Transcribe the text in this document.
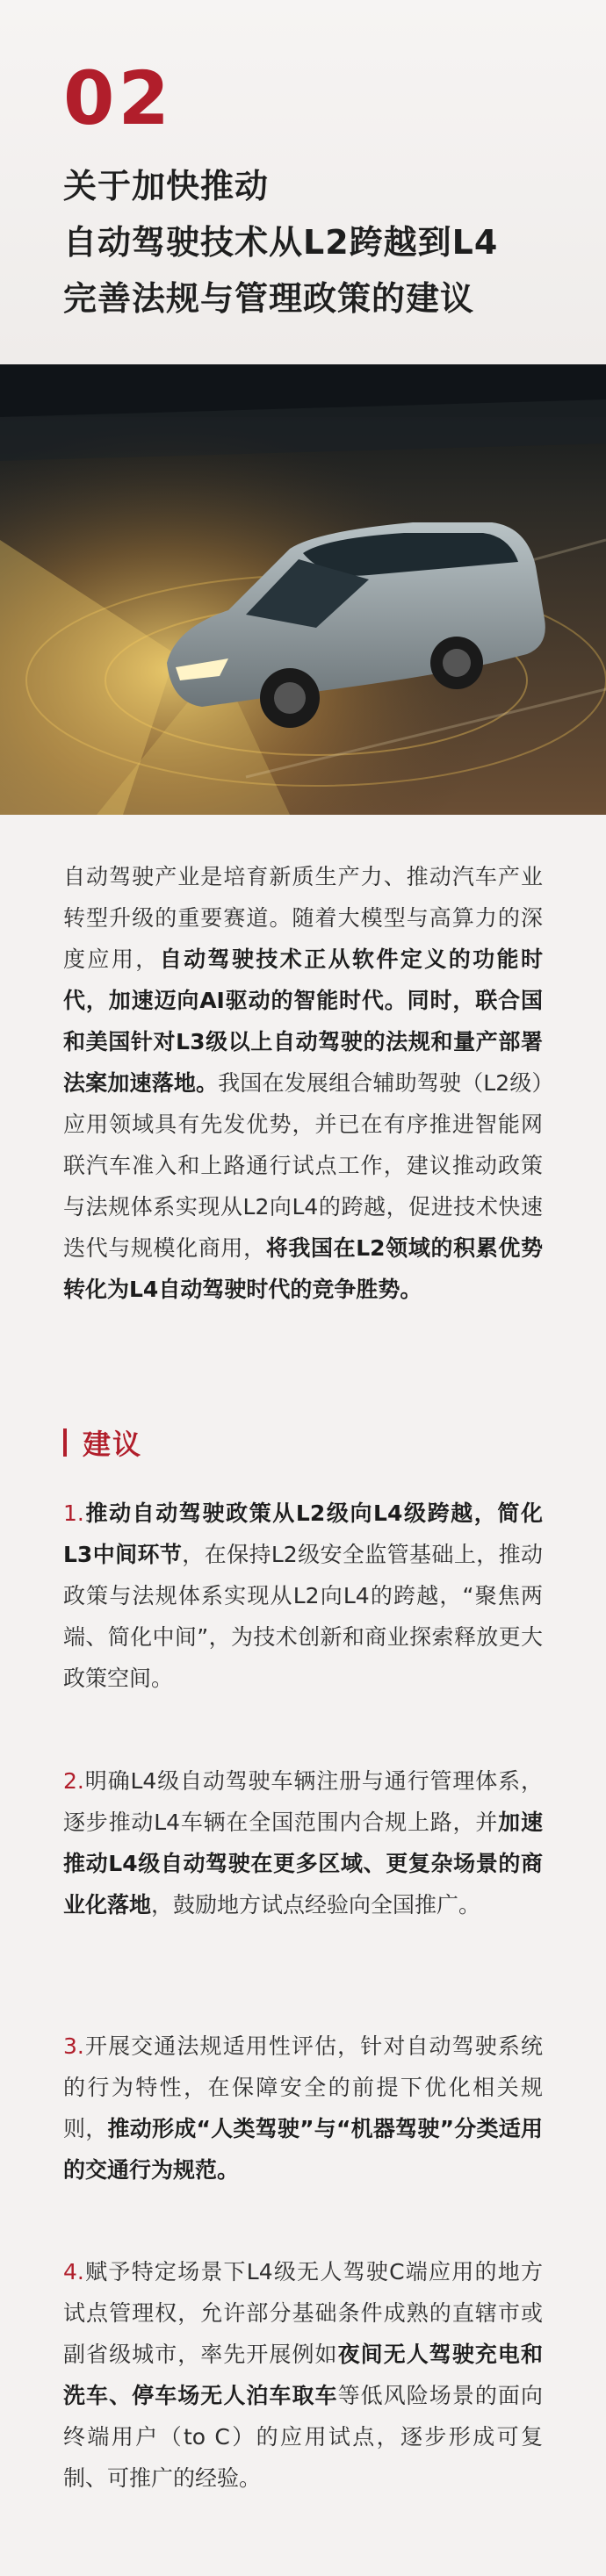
02
关于加快推动
自动驾驶技术从L2跨越到L4
完善法规与管理政策的建议

自动驾驶产业是培育新质生产力、推动汽车产业转型升级的重要赛道。随着大模型与高算力的深度应用，自动驾驶技术正从软件定义的功能时代，加速迈向AI驱动的智能时代。同时，联合国和美国针对L3级以上自动驾驶的法规和量产部署法案加速落地。我国在发展组合辅助驾驶（L2级）应用领域具有先发优势，并已在有序推进智能网联汽车准入和上路通行试点工作，建议推动政策与法规体系实现从L2向L4的跨越，促进技术快速迭代与规模化商用，将我国在L2领域的积累优势转化为L4自动驾驶时代的竞争胜势。

建议

1.推动自动驾驶政策从L2级向L4级跨越，简化L3中间环节，在保持L2级安全监管基础上，推动政策与法规体系实现从L2向L4的跨越，“聚焦两端、简化中间”，为技术创新和商业探索释放更大政策空间。

2.明确L4级自动驾驶车辆注册与通行管理体系，逐步推动L4车辆在全国范围内合规上路，并加速推动L4级自动驾驶在更多区域、更复杂场景的商业化落地，鼓励地方试点经验向全国推广。

3.开展交通法规适用性评估，针对自动驾驶系统的行为特性，在保障安全的前提下优化相关规则，推动形成“人类驾驶”与“机器驾驶”分类适用的交通行为规范。

4.赋予特定场景下L4级无人驾驶C端应用的地方试点管理权，允许部分基础条件成熟的直辖市或副省级城市，率先开展例如夜间无人驾驶充电和洗车、停车场无人泊车取车等低风险场景的面向终端用户（to C）的应用试点，逐步形成可复制、可推广的经验。
